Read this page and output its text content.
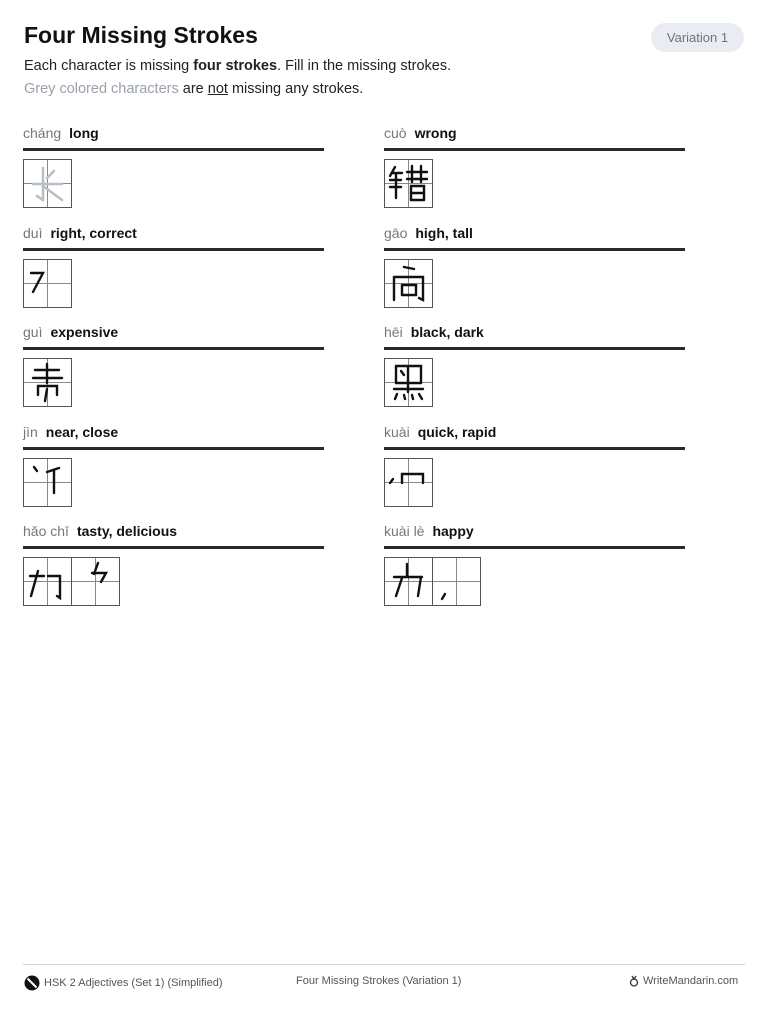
Four Missing Strokes	Variation 1
Each character is missing four strokes. Fill in the missing strokes.
Grey colored characters are not missing any strokes.
cháng long	cuò wrong
duì right, correct	gāo high, tall
guì expensive	hēi black, dark
jìn near, close	kuài quick, rapid
hǎo chī tasty, delicious	kuài lè happy
HSK 2 Adjectives (Set 1) (Simplified)	Four Missing Strokes (Variation 1)	WriteMandarin.com
